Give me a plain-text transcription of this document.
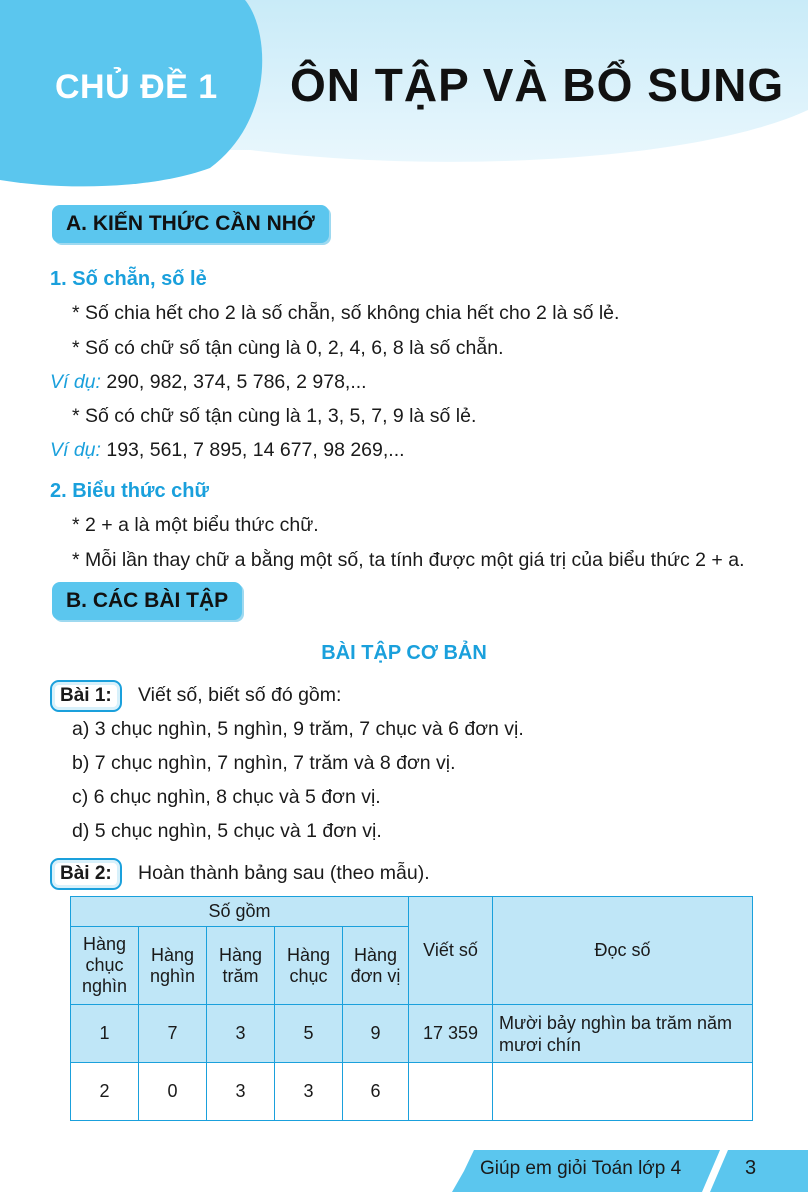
CHỦ ĐỀ 1 ÔN TẬP VÀ BỔ SUNG
A. KIẾN THỨC CẦN NHỚ
1. Số chẵn, số lẻ
* Số chia hết cho 2 là số chẵn, số không chia hết cho 2 là số lẻ.
* Số có chữ số tận cùng là 0, 2, 4, 6, 8 là số chẵn.
Ví dụ: 290, 982, 374, 5 786, 2 978,...
* Số có chữ số tận cùng là 1, 3, 5, 7, 9 là số lẻ.
Ví dụ: 193, 561, 7 895, 14 677, 98 269,...
2. Biểu thức chữ
* 2 + a là một biểu thức chữ.
* Mỗi lần thay chữ a bằng một số, ta tính được một giá trị của biểu thức 2 + a.
B. CÁC BÀI TẬP
BÀI TẬP CƠ BẢN
Bài 1:	Viết số, biết số đó gồm:
a) 3 chục nghìn, 5 nghìn, 9 trăm, 7 chục và 6 đơn vị.
b) 7 chục nghìn, 7 nghìn, 7 trăm và 8 đơn vị.
c) 6 chục nghìn, 8 chục và 5 đơn vị.
d) 5 chục nghìn, 5 chục và 1 đơn vị.
Bài 2:	Hoàn thành bảng sau (theo mẫu).
Số gồm					Viết số	Đọc số
Hàng chục nghìn	Hàng nghìn	Hàng trăm	Hàng chục	Hàng đơn vị		
1	7	3	5	9	17 359	Mười bảy nghìn ba trăm năm mươi chín
2	0	3	3	6		
Giúp em giỏi Toán lớp 4	3
